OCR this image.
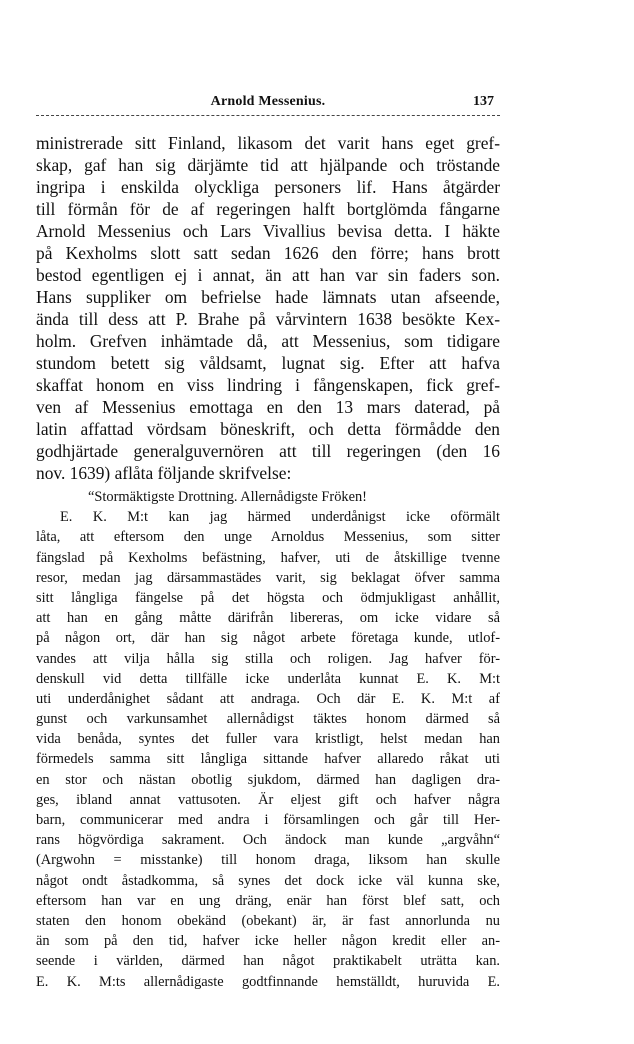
Arnold Messenius.	137
ministrerade sitt Finland, likasom det varit hans eget gref-
skap, gaf han sig därjämte tid att hjälpande och tröstande
ingripa i enskilda olyckliga personers lif. Hans åtgärder
till förmån för de af regeringen halft bortglömda fångarne
Arnold Messenius och Lars Vivallius bevisa detta. I häkte
på Kexholms slott satt sedan 1626 den förre; hans brott
bestod egentligen ej i annat, än att han var sin faders son.
Hans suppliker om befrielse hade lämnats utan afseende,
ända till dess att P. Brahe på vårvintern 1638 besökte Kex-
holm. Grefven inhämtade då, att Messenius, som tidigare
stundom betett sig våldsamt, lugnat sig. Efter att hafva
skaffat honom en viss lindring i fångenskapen, fick gref-
ven af Messenius emottaga en den 13 mars daterad, på
latin affattad vördsam böneskrift, och detta förmådde den
godhjärtade generalguvernören att till regeringen (den 16
nov. 1639) aflåta följande skrifvelse:
“Stormäktigste Drottning. Allernådigste Fröken!
E. K. M:t kan jag härmed underdånigst icke oförmält
låta, att eftersom den unge Arnoldus Messenius, som sitter
fängslad på Kexholms befästning, hafver, uti de åtskillige tvenne
resor, medan jag därsammastädes varit, sig beklagat öfver samma
sitt långliga fängelse på det högsta och ödmjukligast anhållit,
att han en gång måtte därifrån libereras, om icke vidare så
på någon ort, där han sig något arbete företaga kunde, utlof-
vandes att vilja hålla sig stilla och roligen. Jag hafver för-
denskull vid detta tillfälle icke underlåta kunnat E. K. M:t
uti underdånighet sådant att andraga. Och där E. K. M:t af
gunst och varkunsamhet allernådigst täktes honom därmed så
vida benåda, syntes det fuller vara kristligt, helst medan han
förmedels samma sitt långliga sittande hafver allaredo råkat uti
en stor och nästan obotlig sjukdom, därmed han dagligen dra-
ges, ibland annat vattusoten. Är eljest gift och hafver några
barn, communicerar med andra i församlingen och går till Her-
rans högvördiga sakrament. Och ändock man kunde „argvåhn“
(Argwohn = misstanke) till honom draga, liksom han skulle
något ondt åstadkomma, så synes det dock icke väl kunna ske,
eftersom han var en ung dräng, enär han först blef satt, och
staten den honom obekänd (obekant) är, är fast annorlunda nu
än som på den tid, hafver icke heller någon kredit eller an-
seende i världen, därmed han något praktikabelt uträtta kan.
E. K. M:ts allernådigaste godtfinnande hemställdt, huruvida E.
